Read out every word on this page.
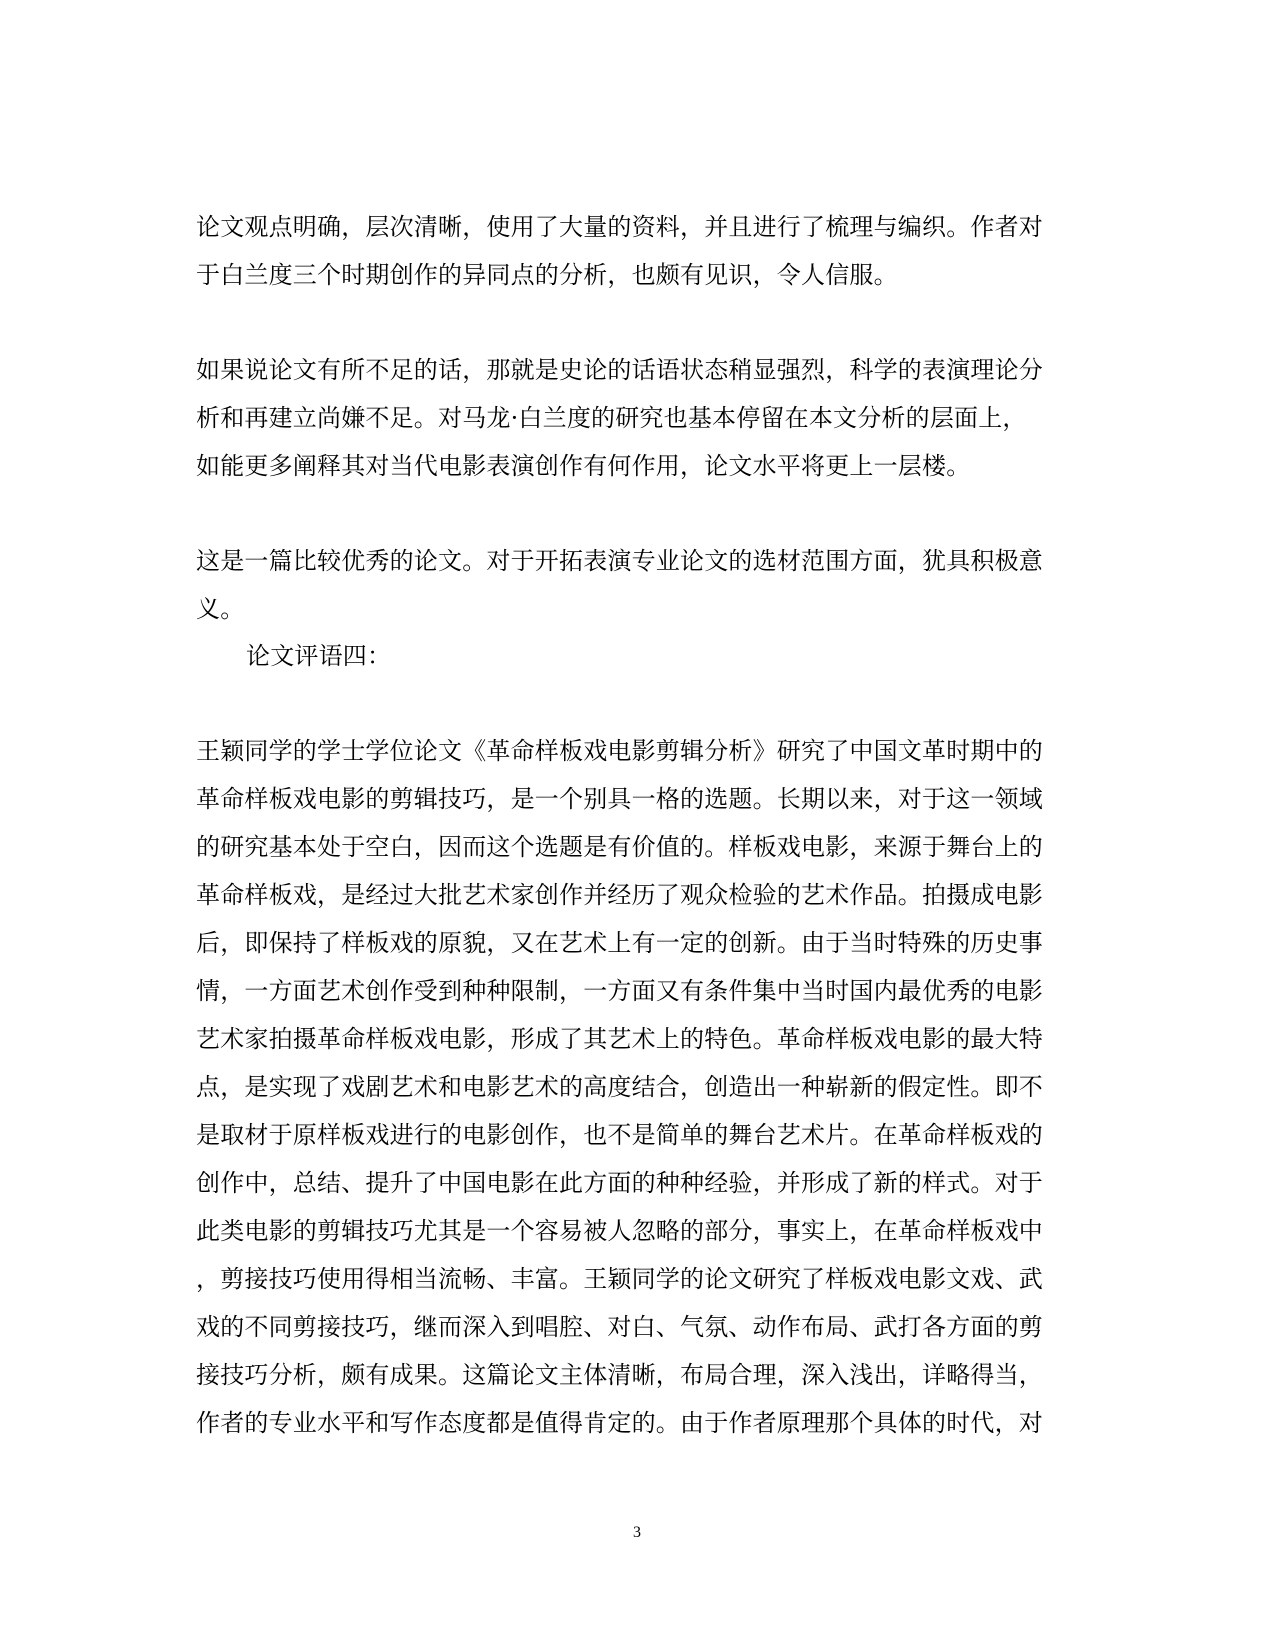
论文观点明确，层次清晰，使用了大量的资料，并且进行了梳理与编织。作者对
于白兰度三个时期创作的异同点的分析，也颇有见识，令人信服。
如果说论文有所不足的话，那就是史论的话语状态稍显强烈，科学的表演理论分
析和再建立尚嫌不足。对马龙·白兰度的研究也基本停留在本文分析的层面上，
如能更多阐释其对当代电影表演创作有何作用，论文水平将更上一层楼。
这是一篇比较优秀的论文。对于开拓表演专业论文的选材范围方面，犹具积极意
义。
论文评语四：
王颖同学的学士学位论文《革命样板戏电影剪辑分析》研究了中国文革时期中的
革命样板戏电影的剪辑技巧，是一个别具一格的选题。长期以来，对于这一领域
的研究基本处于空白，因而这个选题是有价值的。样板戏电影，来源于舞台上的
革命样板戏，是经过大批艺术家创作并经历了观众检验的艺术作品。拍摄成电影
后，即保持了样板戏的原貌，又在艺术上有一定的创新。由于当时特殊的历史事
情，一方面艺术创作受到种种限制，一方面又有条件集中当时国内最优秀的电影
艺术家拍摄革命样板戏电影，形成了其艺术上的特色。革命样板戏电影的最大特
点，是实现了戏剧艺术和电影艺术的高度结合，创造出一种崭新的假定性。即不
是取材于原样板戏进行的电影创作，也不是简单的舞台艺术片。在革命样板戏的
创作中，总结、提升了中国电影在此方面的种种经验，并形成了新的样式。对于
此类电影的剪辑技巧尤其是一个容易被人忽略的部分，事实上，在革命样板戏中
，剪接技巧使用得相当流畅、丰富。王颖同学的论文研究了样板戏电影文戏、武
戏的不同剪接技巧，继而深入到唱腔、对白、气氛、动作布局、武打各方面的剪
接技巧分析，颇有成果。这篇论文主体清晰，布局合理，深入浅出，详略得当，
作者的专业水平和写作态度都是值得肯定的。由于作者原理那个具体的时代，对
3
